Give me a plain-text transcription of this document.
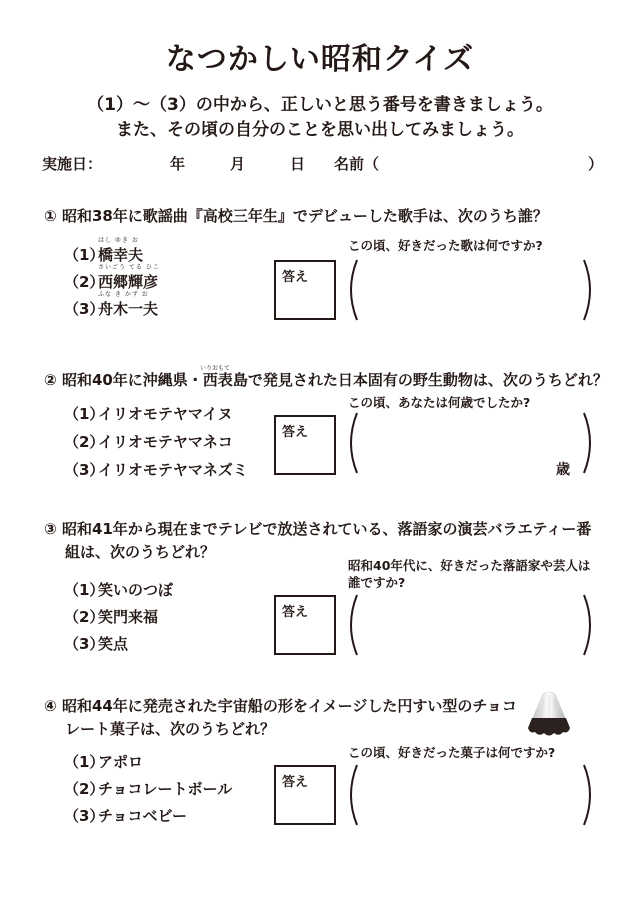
なつかしい昭和クイズ
（1）〜（3）の中から、正しいと思う番号を書きましょう。
また、その頃の自分のことを思い出してみましょう。
実施日：	年	月	日 名前（	）
① 昭和38年に歌謡曲『高校三年生』でデビューした歌手は、次のうち誰？
（1）
はし ゆき お
橋幸夫
（2）
さいごう てる ひこ
西郷輝彦
（3）
ふな き かず お
舟木一夫
答え
この頃、好きだった歌は何ですか?
② 昭和40年に沖縄県・西表島で発見された日本固有の野生動物は、次のうちどれ？
いりおもて
（1）イリオモテヤマイヌ
（2）イリオモテヤマネコ
（3）イリオモテヤマネズミ
答え
この頃、あなたは何歳でしたか?
歳
③ 昭和41年から現在までテレビで放送されている、落語家の演芸バラエティー番
組は、次のうちどれ？
（1）笑いのつぼ
（2）笑門来福
（3）笑点
答え
昭和40年代に、好きだった落語家や芸人は
誰ですか?
④ 昭和44年に発売された宇宙船の形をイメージした円すい型のチョコ
レート菓子は、次のうちどれ？
（1）アポロ
（2）チョコレートボール
（3）チョコベビー
答え
この頃、好きだった菓子は何ですか?
